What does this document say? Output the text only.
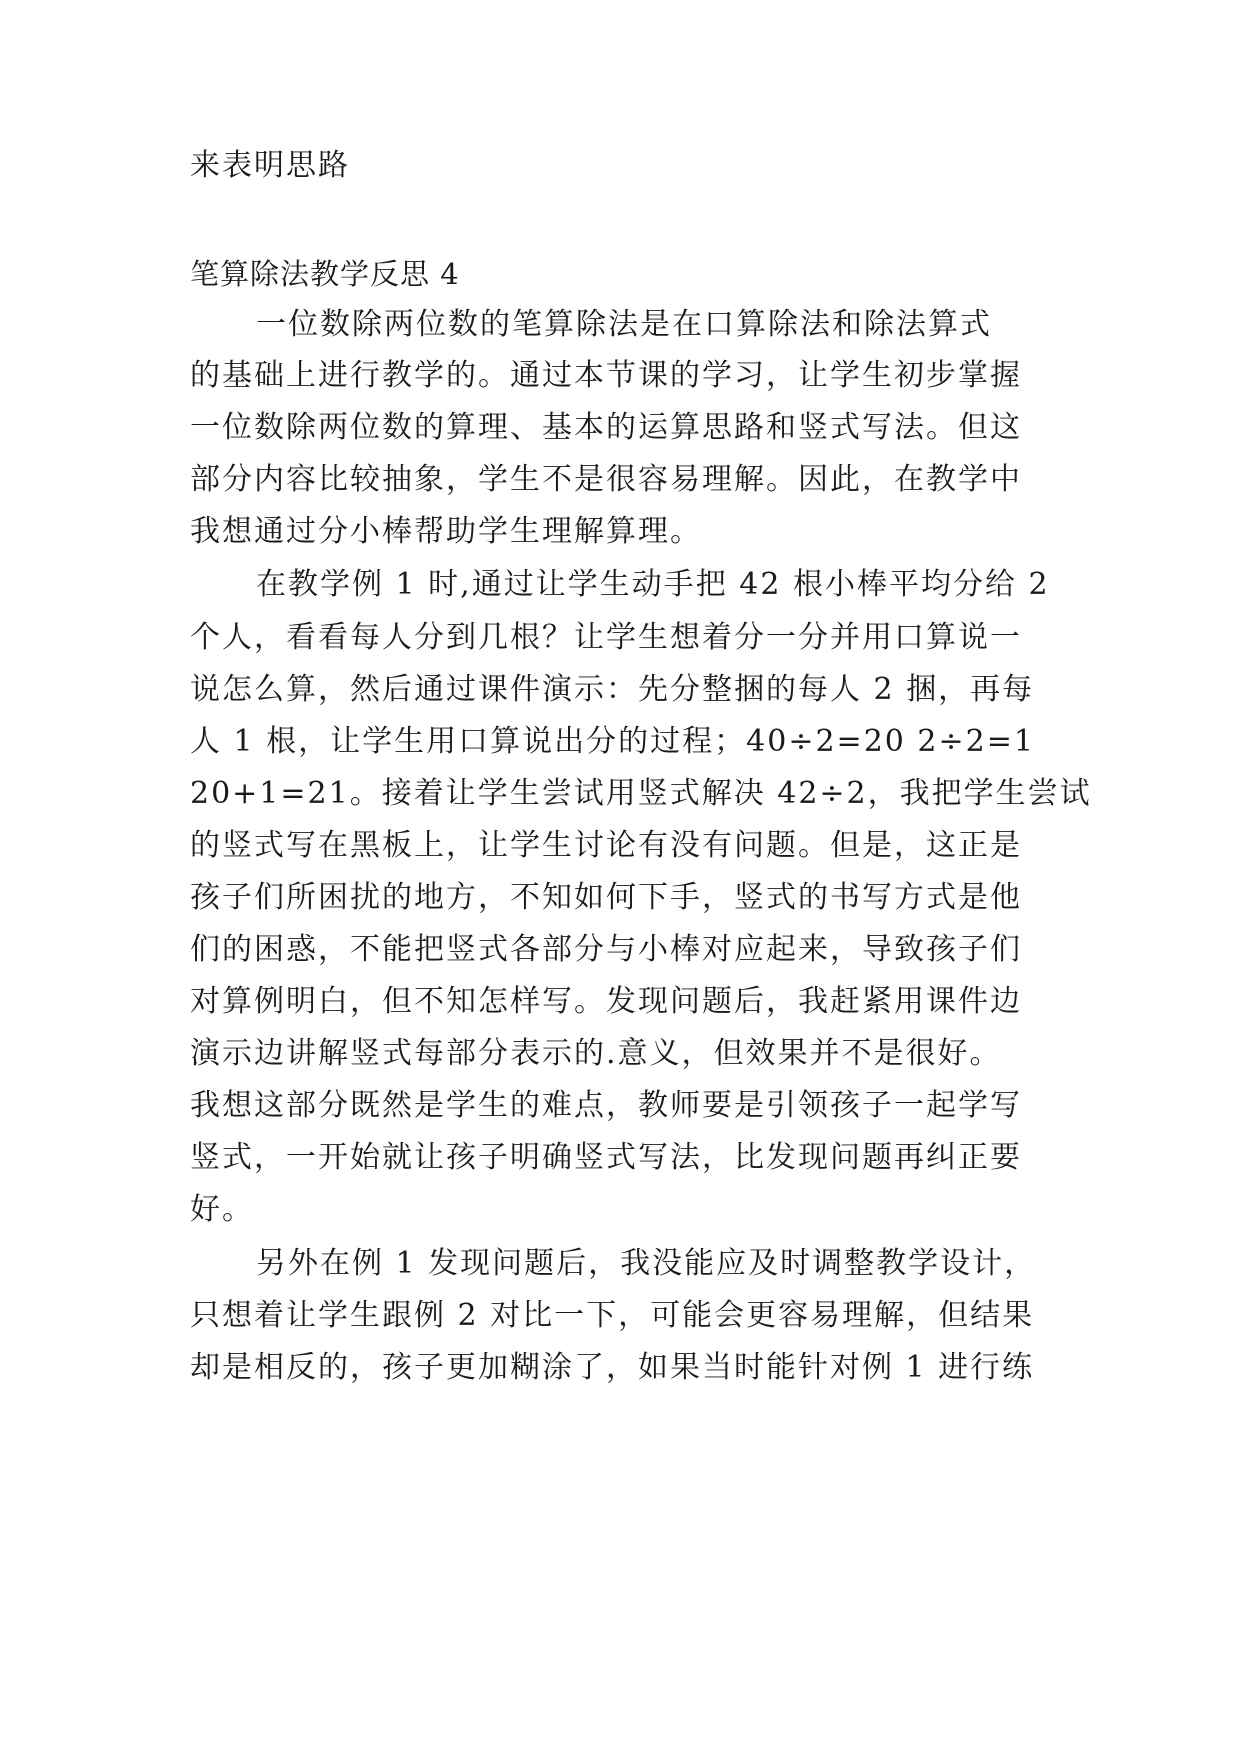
来表明思路
笔算除法教学反思 4
一位数除两位数的笔算除法是在口算除法和除法算式
的基础上进行教学的。通过本节课的学习，让学生初步掌握
一位数除两位数的算理、基本的运算思路和竖式写法。但这
部分内容比较抽象，学生不是很容易理解。因此，在教学中
我想通过分小棒帮助学生理解算理。
在教学例 1 时,通过让学生动手把 42 根小棒平均分给 2
个人，看看每人分到几根？让学生想着分一分并用口算说一
说怎么算，然后通过课件演示：先分整捆的每人 2 捆，再每
人 1 根，让学生用口算说出分的过程；40÷2=20 2÷2=1
20+1=21。接着让学生尝试用竖式解决 42÷2，我把学生尝试
的竖式写在黑板上，让学生讨论有没有问题。但是，这正是
孩子们所困扰的地方，不知如何下手，竖式的书写方式是他
们的困惑，不能把竖式各部分与小棒对应起来，导致孩子们
对算例明白，但不知怎样写。发现问题后，我赶紧用课件边
演示边讲解竖式每部分表示的.意义，但效果并不是很好。
我想这部分既然是学生的难点，教师要是引领孩子一起学写
竖式，一开始就让孩子明确竖式写法，比发现问题再纠正要
好。
另外在例 1 发现问题后，我没能应及时调整教学设计，
只想着让学生跟例 2 对比一下，可能会更容易理解，但结果
却是相反的，孩子更加糊涂了，如果当时能针对例 1 进行练
